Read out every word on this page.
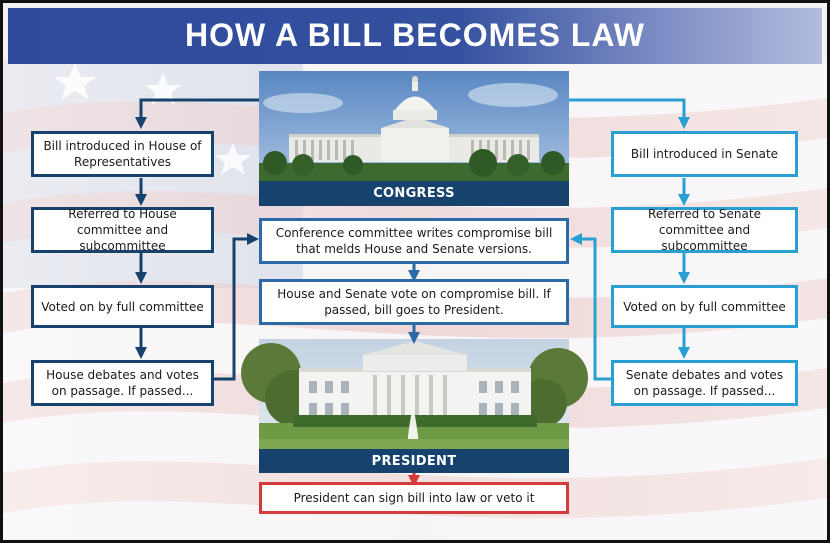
HOW A BILL BECOMES LAW
Bill introduced in House of Representatives
Referred to House committee and subcommittee
Voted on by full committee
House debates and votes on passage. If passed...
Bill introduced in Senate
Referred to Senate committee and subcommittee
Voted on by full committee
Senate debates and votes on passage. If passed...
CONGRESS
Conference committee writes compromise bill that melds House and Senate versions.
House and Senate vote on compromise bill. If passed, bill goes to President.
PRESIDENT
President can sign bill into law or veto it
